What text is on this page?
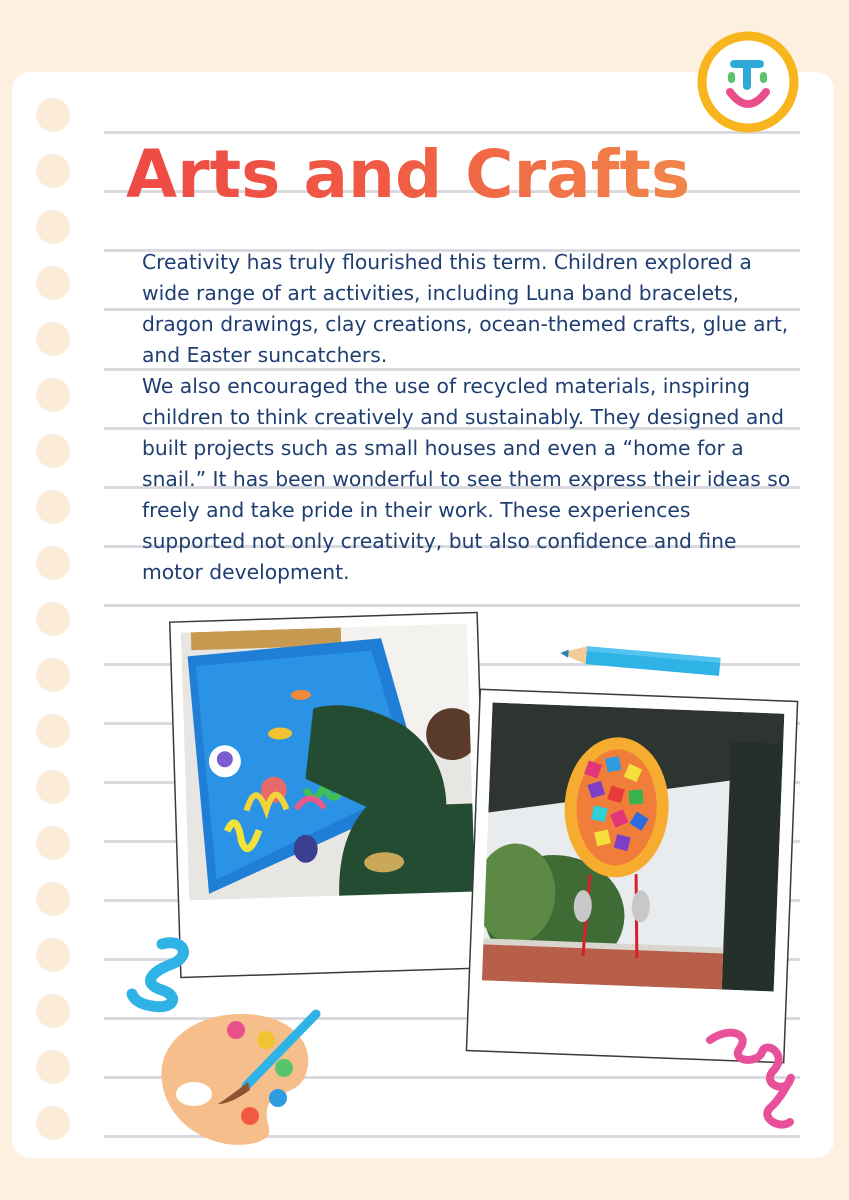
Arts and Crafts

Creativity has truly flourished this term. Children explored a wide range of art activities, including Luna band bracelets, dragon drawings, clay creations, ocean-themed crafts, glue art, and Easter suncatchers.

We also encouraged the use of recycled materials, inspiring children to think creatively and sustainably. They designed and built projects such as small houses and even a “home for a snail.” It has been wonderful to see them express their ideas so freely and take pride in their work. These experiences supported not only creativity, but also confidence and fine motor development.
